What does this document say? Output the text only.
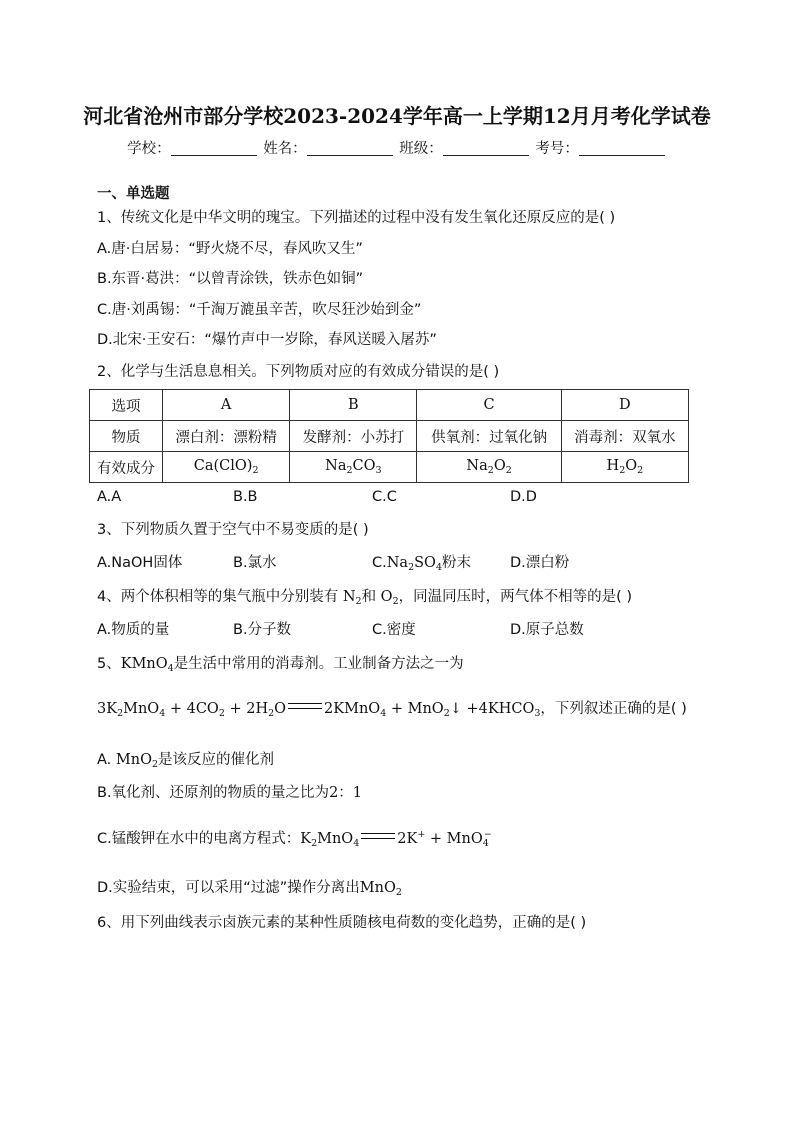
河北省沧州市部分学校2023-2024学年高一上学期12月月考化学试卷
学校：	姓名：	班级：	考号：
一、单选题
1、传统文化是中华文明的瑰宝。下列描述的过程中没有发生氧化还原反应的是( )
A.唐·白居易：“野火烧不尽，春风吹又生”
B.东晋·葛洪：“以曾青涂铁，铁赤色如铜”
C.唐·刘禹锡：“千淘万漉虽辛苦，吹尽狂沙始到金”
D.北宋·王安石：“爆竹声中一岁除，春风送暖入屠苏”
2、化学与生活息息相关。下列物质对应的有效成分错误的是( )
选项	A	B	C	D
物质	漂白剂：漂粉精	发酵剂：小苏打	供氧剂：过氧化钠	消毒剂：双氧水
有效成分	$Ca(ClO)_2$	$Na_2CO_3$	$Na_2O_2$	$H_2O_2$
A.A	B.B	C.C	D.D
3、下列物质久置于空气中不易变质的是( )
A.NaOH固体	B.氯水	$C.Na_2SO_4$粉末	D.漂白粉
4、两个体积相等的集气瓶中分别装有 $N_2$和 $O_2$，同温同压时，两气体不相等的是( )
A.物质的量	B.分子数	C.密度	D.原子总数
5、KMnO$_4$是生活中常用的消毒剂。工业制备方法之一为
$3K_2MnO_4 + 4CO_2 + 2H_2O$	2KMnO$_4$ + MnO$_2$↓ $+4KHCO_3$，下列叙述正确的是( )
A. MnO$_2$是该反应的催化剂
B.氧化剂、还原剂的物质的量之比为2：1
C.锰酸钾在水中的电离方程式：$K_2MnO_4$	2K+ + MnO$_4$−
D.实验结束，可以采用“过滤”操作分离出MnO$_2$
6、用下列曲线表示卤族元素的某种性质随核电荷数的变化趋势，正确的是( )
